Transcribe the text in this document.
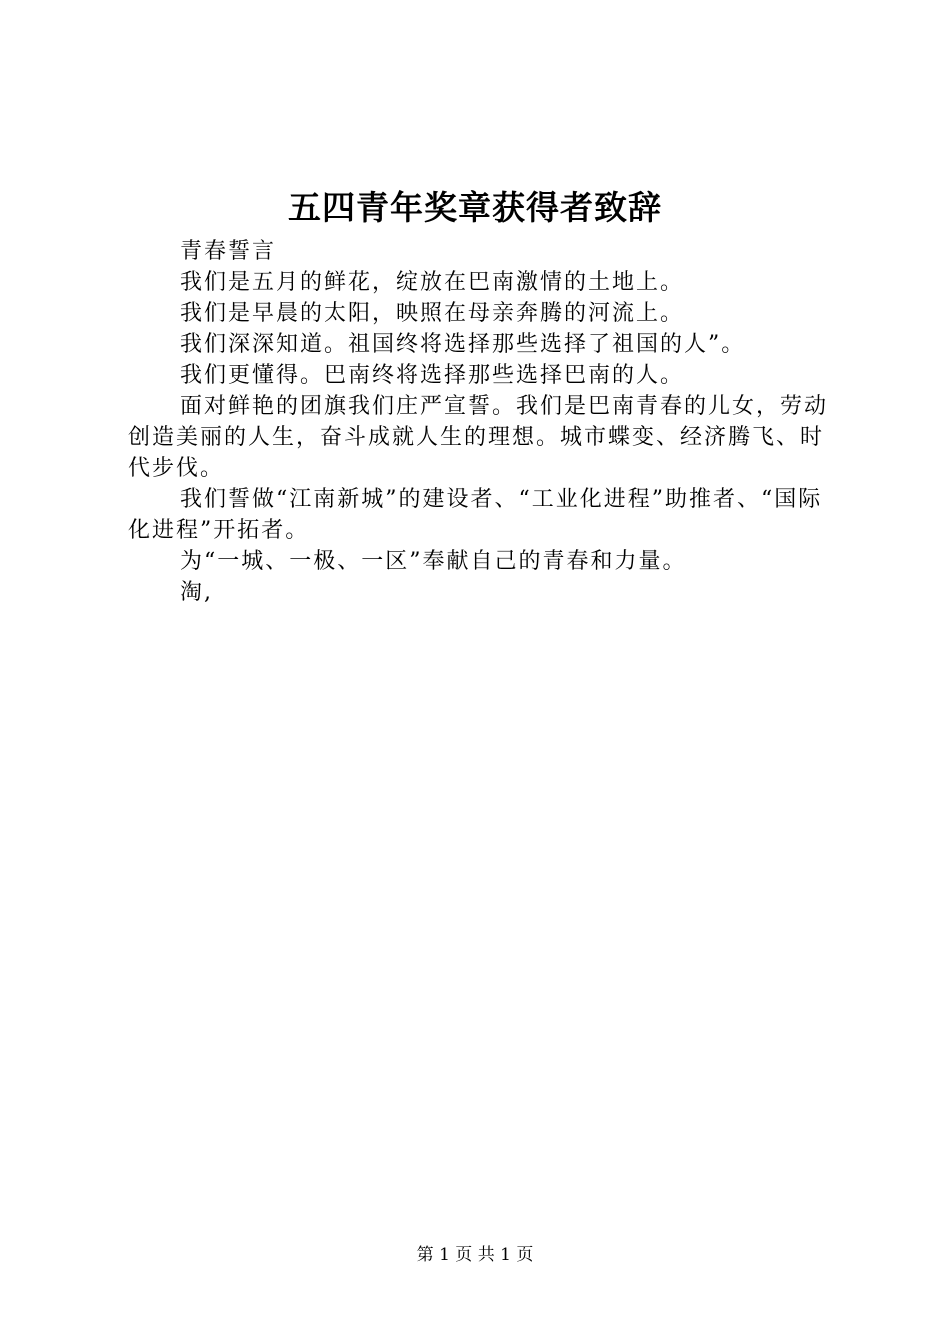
五四青年奖章获得者致辞

青春誓言

我们是五月的鲜花，绽放在巴南激情的土地上。

我们是早晨的太阳，映照在母亲奔腾的河流上。

我们深深知道。祖国终将选择那些选择了祖国的人”。

我们更懂得。巴南终将选择那些选择巴南的人。

面对鲜艳的团旗我们庄严宣誓。我们是巴南青春的儿女，劳动创造美丽的人生，奋斗成就人生的理想。城市蝶变、经济腾飞、时代步伐。

我们誓做“江南新城”的建设者、“工业化进程”助推者、“国际化进程”开拓者。

为“一城、一极、一区”奉献自己的青春和力量。

淘,

第 1 页 共 1 页
